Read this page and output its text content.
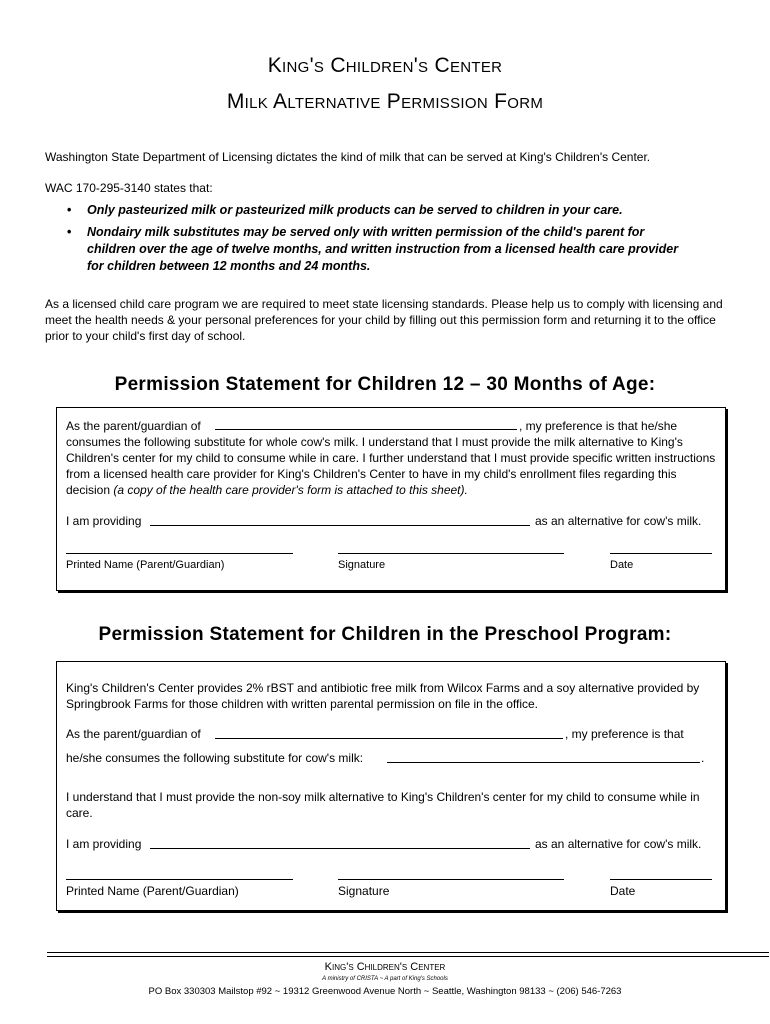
King's Children's Center
Milk Alternative Permission Form
Washington State Department of Licensing dictates the kind of milk that can be served at King's Children's Center.
WAC 170-295-3140 states that:
• Only pasteurized milk or pasteurized milk products can be served to children in your care.
• Nondairy milk substitutes may be served only with written permission of the child's parent for
children over the age of twelve months, and written instruction from a licensed health care provider
for children between 12 months and 24 months.
As a licensed child care program we are required to meet state licensing standards. Please help us to comply with licensing and meet the health needs & your personal preferences for your child by filling out this permission form and returning it to the office prior to your child's first day of school.
Permission Statement for Children 12 – 30 Months of Age:
As the parent/guardian of	, my preference is that he/she
consumes the following substitute for whole cow's milk. I understand that I must provide the milk alternative to King's Children's center for my child to consume while in care. I further understand that I must provide specific written instructions from a licensed health care provider for King's Children's Center to have in my child's enrollment files regarding this decision (a copy of the health care provider's form is attached to this sheet).
I am providing	as an alternative for cow's milk.
Printed Name (Parent/Guardian)	Signature	Date
Permission Statement for Children in the Preschool Program:
King's Children's Center provides 2% rBST and antibiotic free milk from Wilcox Farms and a soy alternative provided by Springbrook Farms for those children with written parental permission on file in the office.
As the parent/guardian of	, my preference is that
he/she consumes the following substitute for cow's milk:	.
I understand that I must provide the non-soy milk alternative to King's Children's center for my child to consume while in care.
I am providing	as an alternative for cow's milk.
Printed Name (Parent/Guardian)	Signature	Date
King's Children's Center
A ministry of CRISTA ~ A part of King's Schools
PO Box 330303 Mailstop #92 ~ 19312 Greenwood Avenue North ~ Seattle, Washington 98133 ~ (206) 546-7263
